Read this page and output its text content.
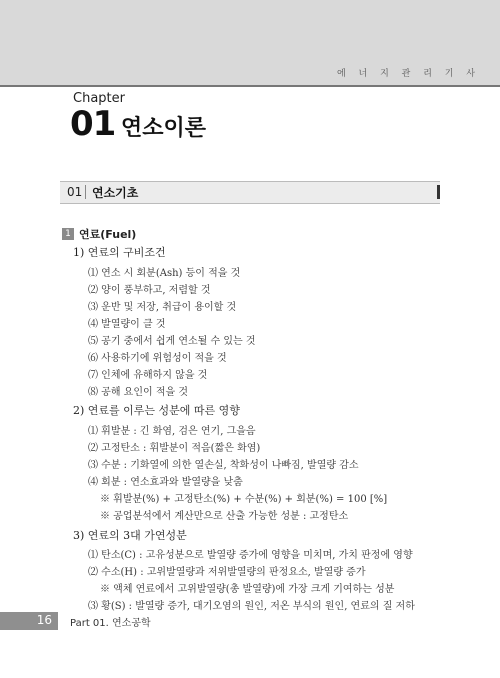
에 너 지 관 리 기 사
Chapter
01 연소이론
01 연소기초
1 연료(Fuel)
1) 연료의 구비조건
⑴ 연소 시 회분(Ash) 등이 적을 것
⑵ 양이 풍부하고, 저렴할 것
⑶ 운반 및 저장, 취급이 용이할 것
⑷ 발열량이 클 것
⑸ 공기 중에서 쉽게 연소될 수 있는 것
⑹ 사용하기에 위험성이 적을 것
⑺ 인체에 유해하지 않을 것
⑻ 공해 요인이 적을 것
2) 연료를 이루는 성분에 따른 영향
⑴ 휘발분 : 긴 화염, 검은 연기, 그을음
⑵ 고정탄소 : 휘발분이 적음(짧은 화염)
⑶ 수분 : 기화열에 의한 열손실, 착화성이 나빠짐, 발열량 감소
⑷ 회분 : 연소효과와 발열량을 낮춤
※ 휘발분(%) + 고정탄소(%) + 수분(%) + 회분(%) = 100 [%]
※ 공업분석에서 계산만으로 산출 가능한 성분 : 고정탄소
3) 연료의 3대 가연성분
⑴ 탄소(C) : 고유성분으로 발열량 증가에 영향을 미치며, 가치 판정에 영향
⑵ 수소(H) : 고위발열량과 저위발열량의 판정요소, 발열량 증가
※ 액체 연료에서 고위발열량(총 발열량)에 가장 크게 기여하는 성분
⑶ 황(S) : 발열량 증가, 대기오염의 원인, 저온 부식의 원인, 연료의 질 저하
16 Part 01. 연소공학
